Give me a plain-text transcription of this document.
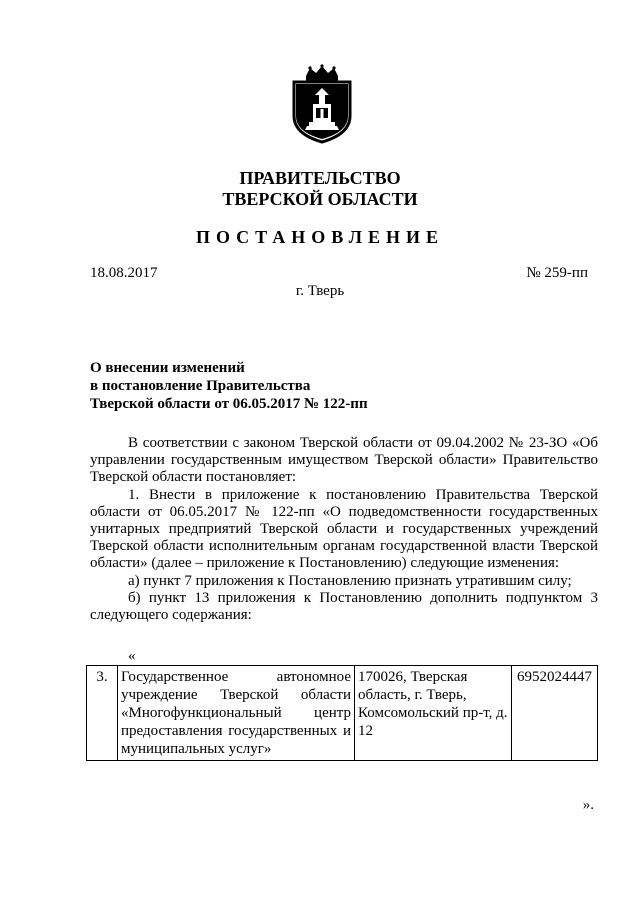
ПРАВИТЕЛЬСТВО
ТВЕРСКОЙ ОБЛАСТИ
ПОСТАНОВЛЕНИЕ
18.08.2017	№ 259-пп
г. Тверь
О внесении изменений
в постановление Правительства
Тверской области от 06.05.2017 № 122-пп

В соответствии с законом Тверской области от 09.04.2002 № 23-ЗО «Об управлении государственным имуществом Тверской области» Правительство Тверской области постановляет:

1. Внести в приложение к постановлению Правительства Тверской области от 06.05.2017 № 122-пп «О подведомственности государственных унитарных предприятий Тверской области и государственных учреждений Тверской области исполнительным органам государственной власти Тверской области» (далее – приложение к Постановлению) следующие изменения:

а) пункт 7 приложения к Постановлению признать утратившим силу;

б) пункт 13 приложения к Постановлению дополнить подпунктом 3 следующего содержания:

«
3.	Государственное автономное учреждение Тверской области «Многофункциональный центр предоставления государственных и муниципальных услуг»	170026, Тверская область, г. Тверь, Комсомольский пр-т, д. 12	6952024447
».
